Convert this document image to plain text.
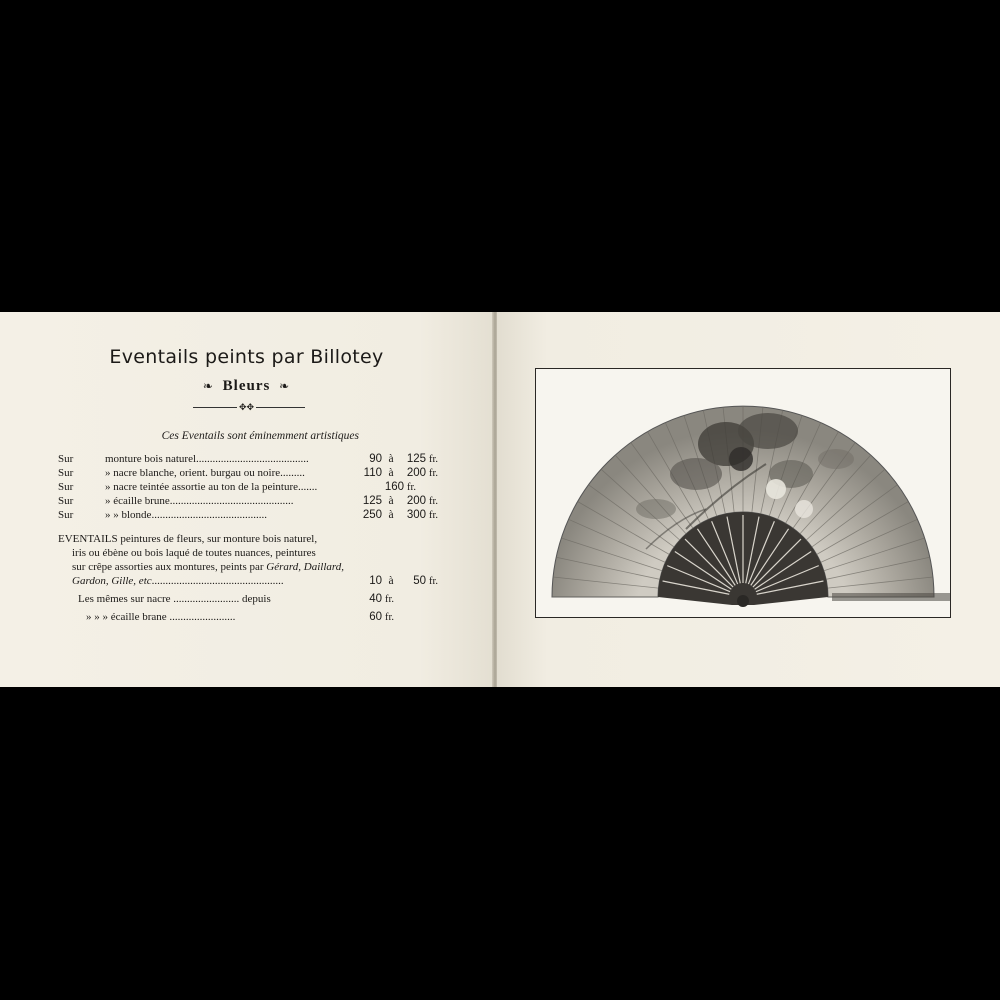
Eventails peints par Billotey
❧ Bleurs ❧
✥✥
Ces Eventails sont éminemment artistiques
Sur	monture bois naturel.........................................	90 à 125 fr.
Sur	» nacre blanche, orient. burgau ou noire.........	110 à 200 fr.
Sur	» nacre teintée assortie au ton de la peinture.......	160 fr.
Sur	» écaille brune.............................................	125 à 200 fr.
Sur	» » blonde..........................................	250 à 300 fr.
EVENTAILS peintures de fleurs, sur monture bois naturel,
iris ou ébène ou bois laqué de toutes nuances, peintures
sur crêpe assorties aux montures, peints par Gérard, Daillard,
Gardon, Gille, etc................................................	10 à 50 fr.
Les mêmes sur nacre ........................ depuis	40 fr.
» » » écaille brane ........................	60 fr.
